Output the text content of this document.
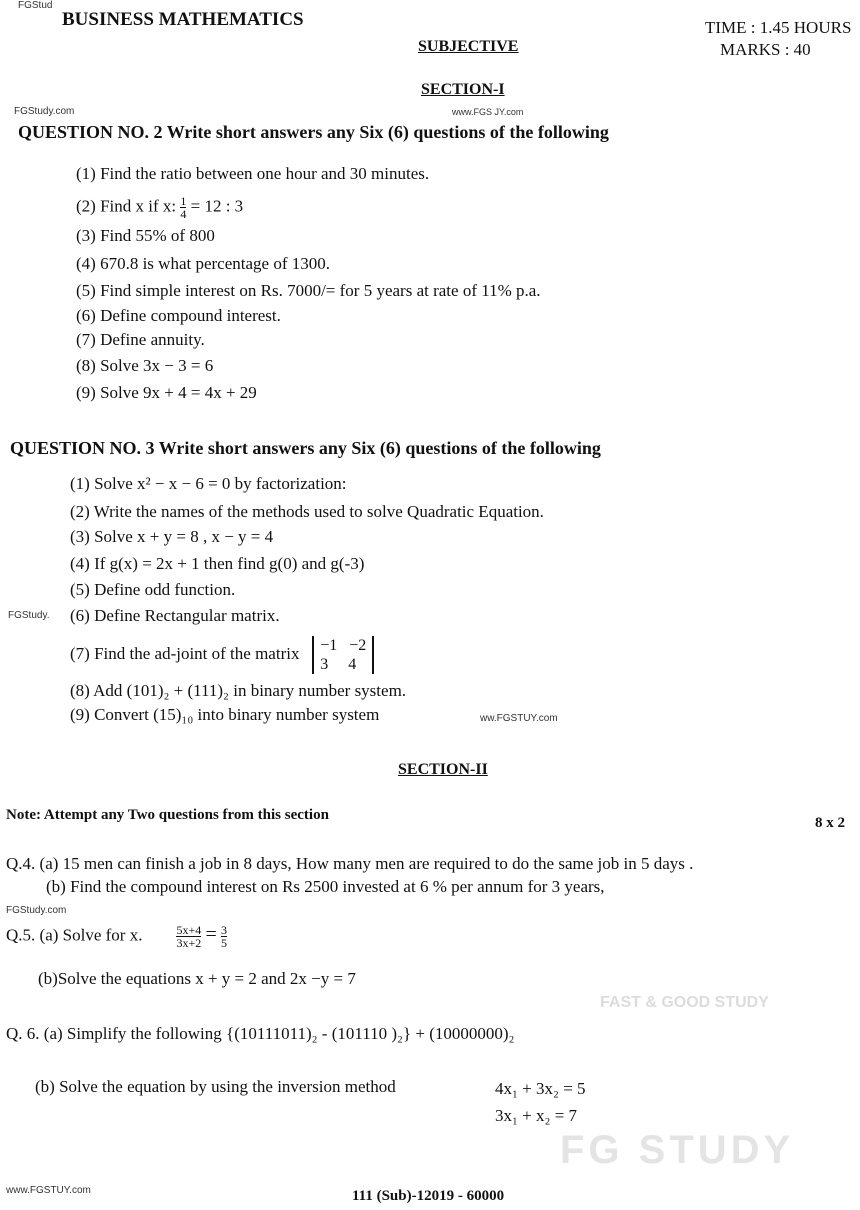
FG STUDY
FAST & GOOD STUDY
FGStud
BUSINESS MATHEMATICS	TIME : 1.45 HOURS
MARKS : 40
SUBJECTIVE
SECTION-I
FGStudy.com	www.FGS JY.com
QUESTION NO. 2 Write short answers any Six (6) questions of the following
(1) Find the ratio between one hour and 30 minutes.
(2) Find x if x: $\frac{1}{4} = 12$ : 3
(3) Find 55% of 800
(4) 670.8 is what percentage of 1300.
(5) Find simple interest on Rs. 7000/= for 5 years at rate of 11% p.a.
(6) Define compound interest.
(7) Define annuity.
(8) Solve 3x − 3 = 6
(9) Solve 9x + 4 = 4x + 29
QUESTION NO. 3 Write short answers any Six (6) questions of the following
(1) Solve x² − x − 6 = 0 by factorization:
(2) Write the names of the methods used to solve Quadratic Equation.
(3) Solve x + y = 8 , x − y = 4
(4) If g(x) = 2x + 1 then find g(0) and g(-3)
(5) Define odd function.
FGStudy. (6) Define Rectangular matrix.
(7) Find the ad-joint of the matrix −1 −2
3 4
(8) Add (101)₂ + (111)₂ in binary number system.
(9) Convert (15)₁₀ into binary number system	ww.FGSTUY.com
SECTION-II
Note: Attempt any Two questions from this section	8 x 2
Q.4. (a) 15 men can finish a job in 8 days, How many men are required to do the same job in 5 days .
(b) Find the compound interest on Rs 2500 invested at 6 % per annum for 3 years,
FGStudy.com
Q.5. (a) Solve for x.	$\frac{5x+4}{3x+2} = \frac{3}{5}$
(b)Solve the equations x + y = 2 and 2x −y = 7
Q. 6. (a) Simplify the following {(10111011)₂ - (101110 )₂} + (10000000)₂
(b) Solve the equation by using the inversion method	4x₁ + 3x₂ = 5
3x₁ + x₂ = 7
www.FGSTUY.com	111 (Sub)-12019 - 60000
